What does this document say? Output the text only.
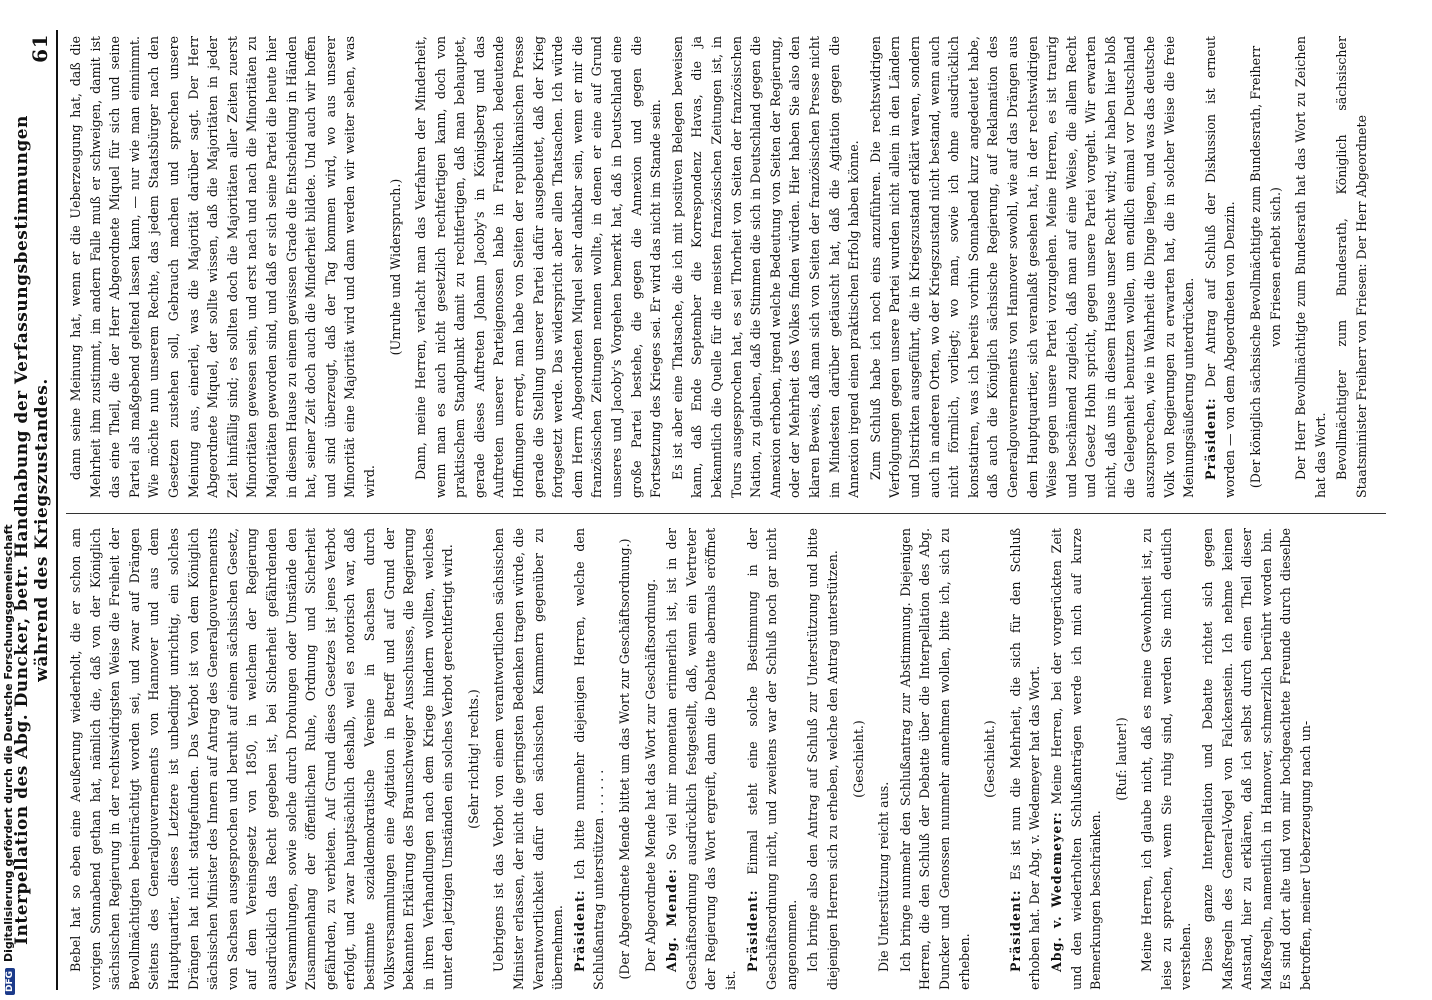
DFGDigitalisierung gefördert durch die Deutsche Forschungsgemeinschaft
Interpellation des Abg. Duncker, betr. Handhabung der Verfassungsbestimmungen während des Kriegszustandes.
61

Bebel hat so eben eine Aeußerung wiederholt, die er schon am vorigen Sonnabend gethan hat, nämlich die, daß von der Königlich sächsischen Regierung in der rechtswidrigsten Weise die Freiheit der Bevollmächtigten beeinträchtigt worden sei, und zwar auf Drängen Seitens des Generalgouvernements von Hannover und aus dem Hauptquartier, dieses Letztere ist unbedingt unrichtig, ein solches Drängen hat nicht stattgefunden. Das Verbot ist von dem Königlich sächsischen Minister des Innern auf Antrag des Generalgouvernements von Sachsen ausgesprochen und beruht auf einem sächsischen Gesetz, auf dem Vereinsgesetz von 1850, in welchem der Regierung ausdrücklich das Recht gegeben ist, bei Sicherheit gefährdenden Versammlungen, sowie solche durch Drohungen oder Umstände den Zusammenhang der öffentlichen Ruhe, Ordnung und Sicherheit gefährden, zu verbieten. Auf Grund dieses Gesetzes ist jenes Verbot erfolgt, und zwar hauptsächlich deshalb, weil es notorisch war, daß bestimmte sozialdemokratische Vereine in Sachsen durch Volksversammlungen eine Agitation in Betreff und auf Grund der bekannten Erklärung des Braunschweiger Ausschusses, die Regierung in ihren Verhandlungen nach dem Kriege hindern wollten, welches unter den jetzigen Umständen ein solches Verbot gerechtfertigt wird. (Sehr richtig! rechts.) Uebrigens ist das Verbot von einem verantwortlichen sächsischen Minister erlassen, der nicht die geringsten Bedenken tragen würde, die Verantwortlichkeit dafür den sächsischen Kammern gegenüber zu übernehmen. Präsident: Ich bitte nunmehr diejenigen Herren, welche den Schlußantrag unterstützen . . . . . . (Der Abgeordnete Mende bittet um das Wort zur Geschäftsordnung.) Der Abgeordnete Mende hat das Wort zur Geschäftsordnung. Abg. Mende: So viel mir momentan erinnerlich ist, ist in der Geschäftsordnung ausdrücklich festgestellt, daß, wenn ein Vertreter der Regierung das Wort ergreift, dann die Debatte abermals eröffnet ist.

Präsident: Einmal steht eine solche Bestimmung in der Geschäftsordnung nicht, und zweitens war der Schluß noch gar nicht angenommen. Ich bringe also den Antrag auf Schluß zur Unterstützung und bitte diejenigen Herren sich zu erheben, welche den Antrag unterstützen. (Geschieht.)

Die Unterstützung reicht aus. Ich bringe nunmehr den Schlußantrag zur Abstimmung. Diejenigen Herren, die den Schluß der Debatte über die Interpellation des Abg. Duncker und Genossen nunmehr annehmen wollen, bitte ich, sich zu erheben.

(Geschieht.)

Präsident: Es ist nun die Mehrheit, die sich für den Schluß erhoben hat. Der Abg. v. Wedemeyer hat das Wort. Abg. v. Wedemeyer: Meine Herren, bei der vorgerückten Zeit und den wiederholten Schlußanträgen werde ich mich auf kurze Bemerkungen beschränken.

(Ruf: lauter!) Meine Herren, ich glaube nicht, daß es meine Gewohnheit ist, zu leise zu sprechen, wenn Sie ruhig sind, werden Sie mich deutlich verstehen. Diese ganze Interpellation und Debatte richtet sich gegen Maßregeln des General-Vogel von Falckenstein. Ich nehme keinen Anstand, hier zu erklären, daß ich selbst durch einen Theil dieser Maßregeln, namentlich in Hannover, schmerzlich berührt worden bin. Es sind dort alte und von mir hochgeachtete Freunde durch dieselbe betroffen, meiner Ueberzeugung nach un-

dann seine Meinung hat, wenn er die Ueberzeugung hat, daß die Mehrheit ihm zustimmt, im andern Falle muß er schweigen, damit ist das eine Theil, die der Herr Abgeordnete Miquel für sich und seine Partei als maßgebend geltend lassen kann, — nur wie man einnimmt. Wie möchte nun unserem Rechte, das jedem Staatsbürger nach den Gesetzen zustehen soll, Gebrauch machen und sprechen unsere Meinung aus, einerlei, was die Majorität darüber sagt. Der Herr Abgeordnete Miquel, der sollte wissen, daß die Majoritäten in jeder Zeit hinfällig sind; es sollten doch die Majoritäten aller Zeiten zuerst Minoritäten gewesen sein, und erst nach und nach die Minoritäten zu Majoritäten geworden sind, und daß er sich seine Partei die heute hier in diesem Hause zu einem gewissen Grade die Entscheidung in Händen hat, seiner Zeit doch auch die Minderheit bildete. Und auch wir hoffen und sind überzeugt, daß der Tag kommen wird, wo aus unserer Minorität eine Majorität wird und dann werden wir weiter sehen, was wird.

(Unruhe und Widerspruch.) Dann, meine Herren, verlacht man das Verfahren der Minderheit, wenn man es auch nicht gesetzlich rechtfertigen kann, doch von praktischem Standpunkt damit zu rechtfertigen, daß man behauptet, gerade dieses Auftreten Johann Jacoby's in Königsberg und das Auftreten unserer Parteigenossen habe in Frankreich bedeutende Hoffnungen erregt, man habe von Seiten der republikanischen Presse gerade die Stellung unserer Partei dafür ausgebeutet, daß der Krieg fortgesetzt werde. Das widerspricht aber allen Thatsachen. Ich würde dem Herrn Abgeordneten Miquel sehr dankbar sein, wenn er mir die französischen Zeitungen nennen wollte, in denen er eine auf Grund unseres und Jacoby's Vorgehen bemerkt hat, daß in Deutschland eine große Partei bestehe, die gegen die Annexion und gegen die Fortsetzung des Krieges sei. Er wird das nicht im Stande sein. Es ist aber eine Thatsache, die ich mit positiven Belegen beweisen kann, daß Ende September die Korrespondenz Havas, die ja bekanntlich die Quelle für die meisten französischen Zeitungen ist, in Tours ausgesprochen hat, es sei Thorheit von Seiten der französischen Nation, zu glauben, daß die Stimmen die sich in Deutschland gegen die Annexion erhoben, irgend welche Bedeutung von Seiten der Regierung, oder der Mehrheit des Volkes finden würden. Hier haben Sie also den klaren Beweis, daß man sich von Seiten der französischen Presse nicht im Mindesten darüber getäuscht hat, daß die Agitation gegen die Annexion irgend einen praktischen Erfolg haben könne. Zum Schluß habe ich noch eins anzuführen. Die rechtswidrigen Verfolgungen gegen unsere Partei wurden nicht allein in den Ländern und Distrikten ausgeführt, die in Kriegszustand erklärt waren, sondern auch in anderen Orten, wo der Kriegszustand nicht bestand, wenn auch nicht förmlich, vorliegt; wo man, sowie ich ohne ausdrücklich konstatiren, was ich bereits vorhin Sonnabend kurz angedeutet habe, daß auch die Königlich sächsische Regierung, auf Reklamation des Generalgouvernements von Hannover sowohl, wie auf das Drängen aus dem Hauptquartier, sich veranlaßt gesehen hat, in der rechtswidrigen Weise gegen unsere Partei vorzugehen. Meine Herren, es ist traurig und beschämend zugleich, daß man auf eine Weise, die allem Recht und Gesetz Hohn spricht, gegen unsere Partei vorgeht. Wir erwarten nicht, daß uns in diesem Hause unser Recht wird; wir haben hier bloß die Gelegenheit benutzen wollen, um endlich einmal vor Deutschland auszusprechen, wie in Wahrheit die Dinge liegen, und was das deutsche Volk von Regierungen zu erwarten hat, die in solcher Weise die freie Meinungsäußerung unterdrücken. Präsident: Der Antrag auf Schluß der Diskussion ist erneut worden — von dem Abgeordneten von Denzin. (Der königlich sächsische Bevollmächtigte zum Bundesrath, Freiherr von Friesen erhebt sich.) Der Herr Bevollmächtigte zum Bundesrath hat das Wort zu Zeichen hat das Wort. Bevollmächtigter zum Bundesrath, Königlich sächsischer Staatsminister Freiherr von Friesen: Der Herr Abgeordnete
